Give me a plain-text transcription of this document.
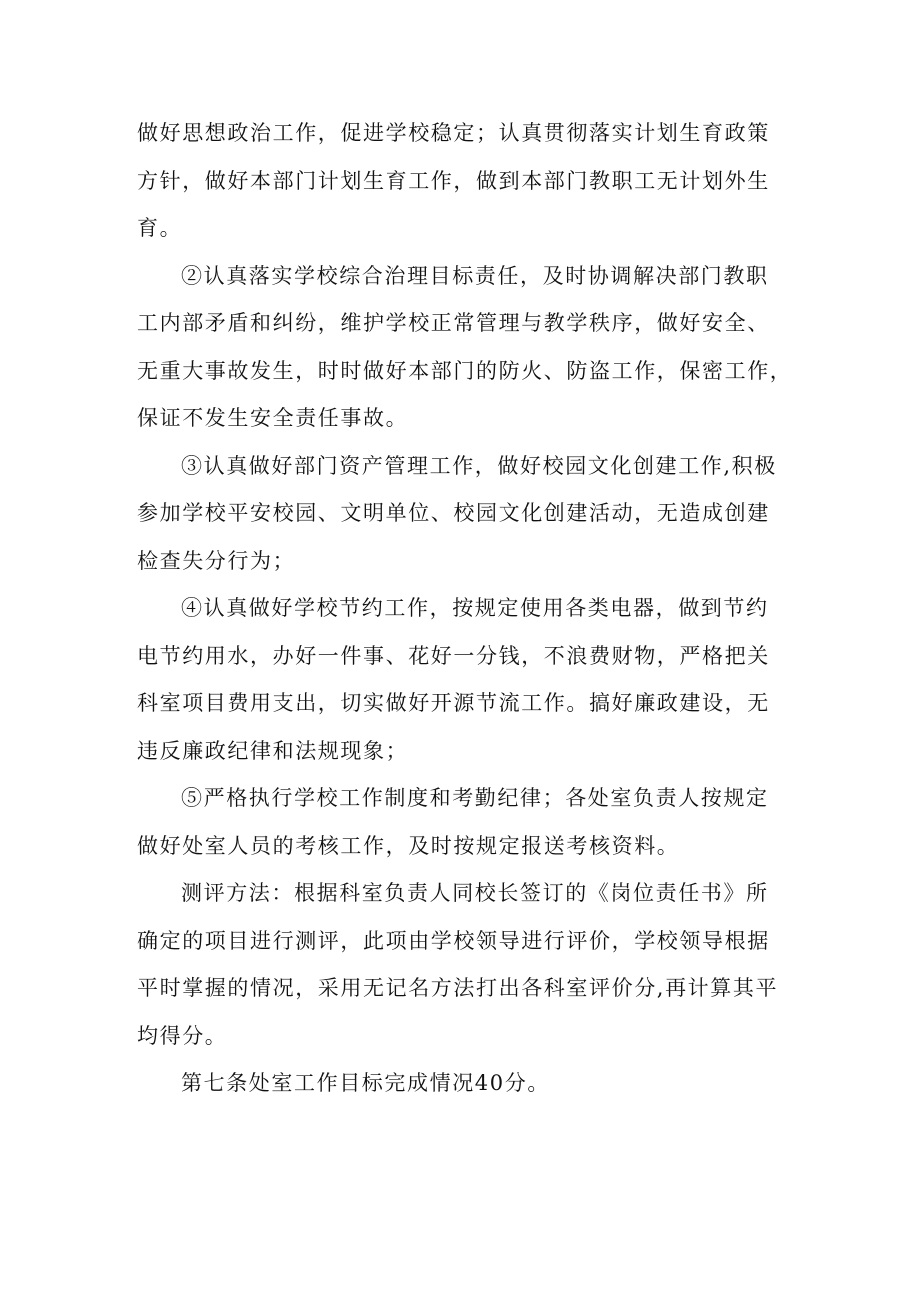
做好思想政治工作，促进学校稳定；认真贯彻落实计划生育政策
方针，做好本部门计划生育工作，做到本部门教职工无计划外生
育。
②认真落实学校综合治理目标责任，及时协调解决部门教职
工内部矛盾和纠纷，维护学校正常管理与教学秩序，做好安全、
无重大事故发生，时时做好本部门的防火、防盗工作，保密工作，
保证不发生安全责任事故。
③认真做好部门资产管理工作，做好校园文化创建工作,积极
参加学校平安校园、文明单位、校园文化创建活动，无造成创建
检查失分行为；
④认真做好学校节约工作，按规定使用各类电器，做到节约
电节约用水，办好一件事、花好一分钱，不浪费财物，严格把关
科室项目费用支出，切实做好开源节流工作。搞好廉政建设，无
违反廉政纪律和法规现象；
⑤严格执行学校工作制度和考勤纪律；各处室负责人按规定
做好处室人员的考核工作，及时按规定报送考核资料。
测评方法：根据科室负责人同校长签订的《岗位责任书》所
确定的项目进行测评，此项由学校领导进行评价，学校领导根据
平时掌握的情况，采用无记名方法打出各科室评价分,再计算其平
均得分。
第七条处室工作目标完成情况40分。
